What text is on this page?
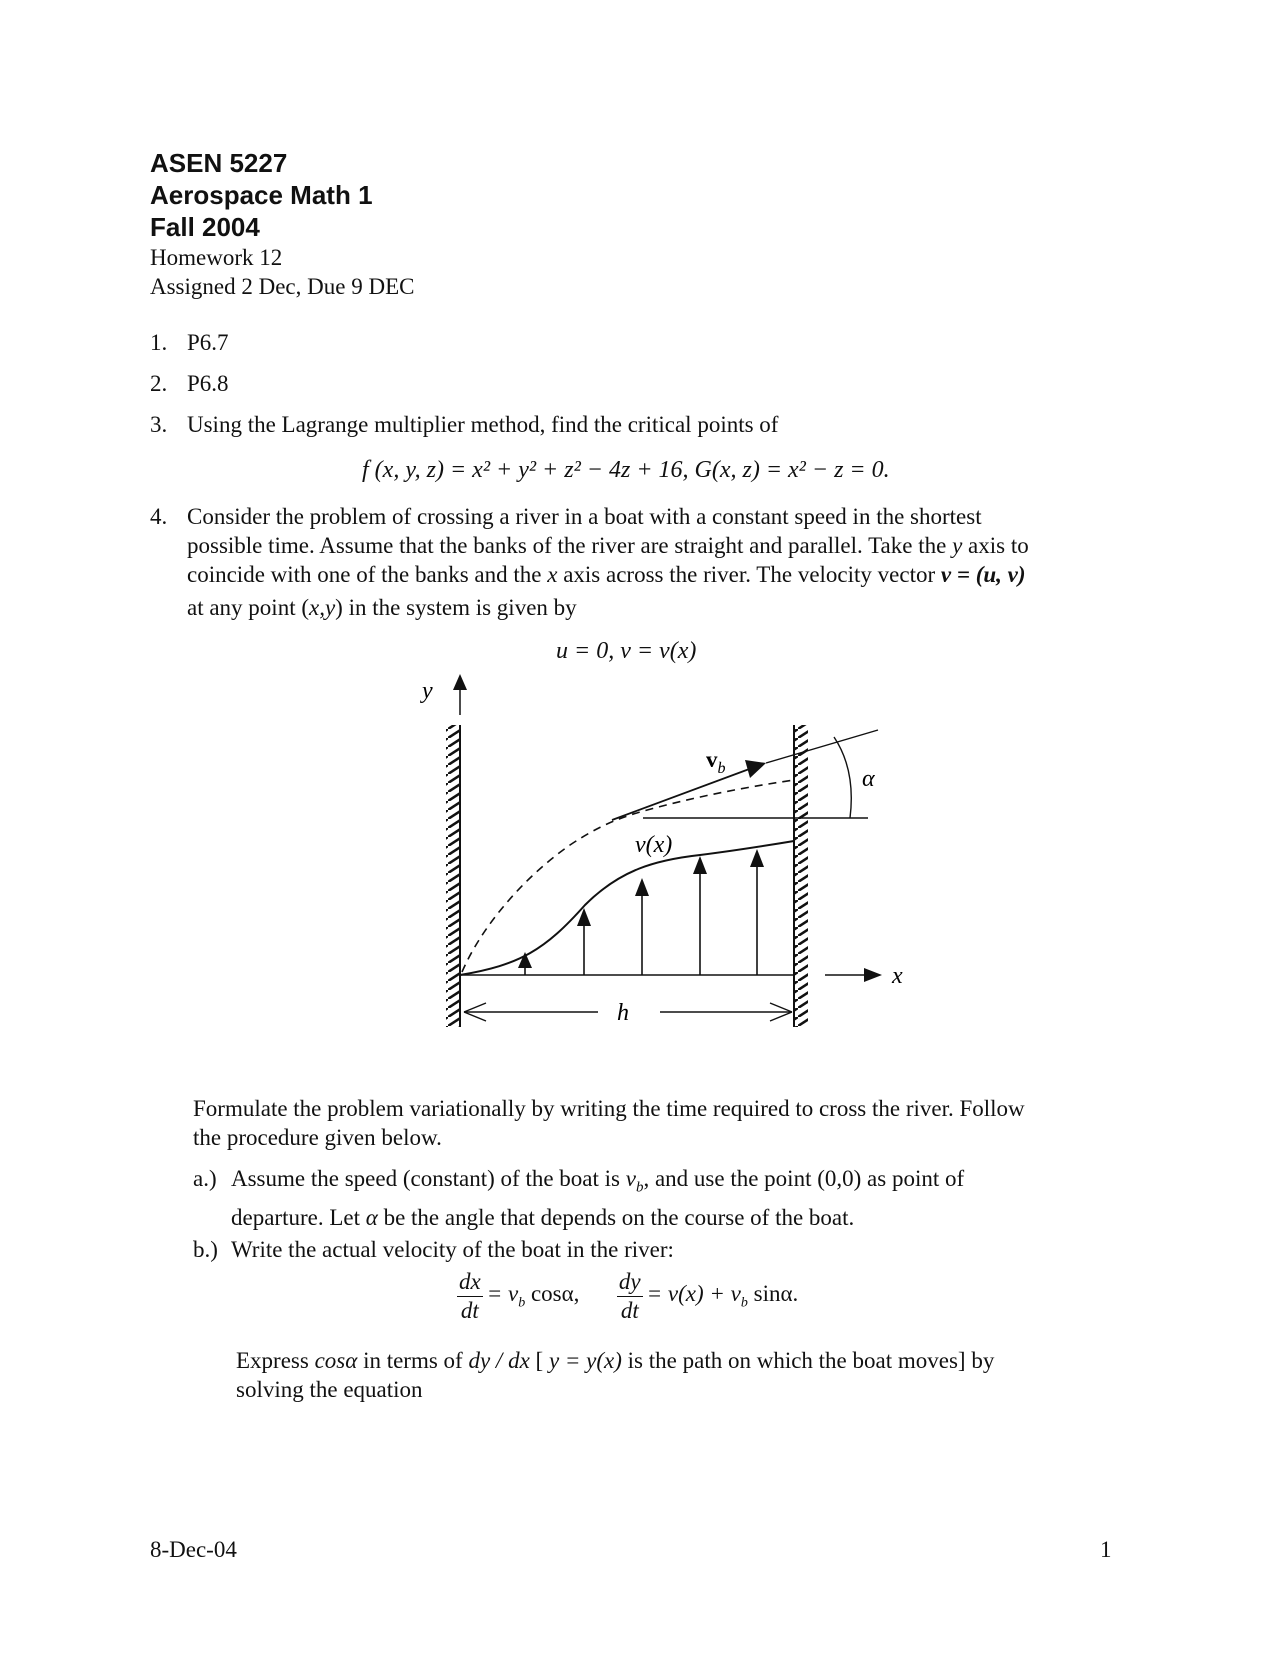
ASEN 5227
Aerospace Math 1
Fall 2004
Homework 12
Assigned 2 Dec, Due 9 DEC
1. P6.7
2. P6.8
3. Using the Lagrange multiplier method, find the critical points of
f (x, y, z) = x² + y² + z² − 4z + 16, G(x, z) = x² − z = 0.
4. Consider the problem of crossing a river in a boat with a constant speed in the shortest
possible time. Assume that the banks of the river are straight and parallel. Take the y axis to
coincide with one of the banks and the x axis across the river. The velocity vector v = (u, v)
at any point (x,y) in the system is given by
u = 0, v = v(x)
y
x
$v_b$
v(x)
α
h
Formulate the problem variationally by writing the time required to cross the river. Follow
the procedure given below.
a.) Assume the speed (constant) of the boat is $v_b$, and use the point (0,0) as point of
departure. Let α be the angle that depends on the course of the boat.
b.) Write the actual velocity of the boat in the river:
$\frac{dx}{dt} = v_b$ cosα, $\frac{dy}{dt} = v(x) + v_b$ sinα.
Express cosα in terms of dy / dx [ y = y(x) is the path on which the boat moves] by
solving the equation
8-Dec-04	1
